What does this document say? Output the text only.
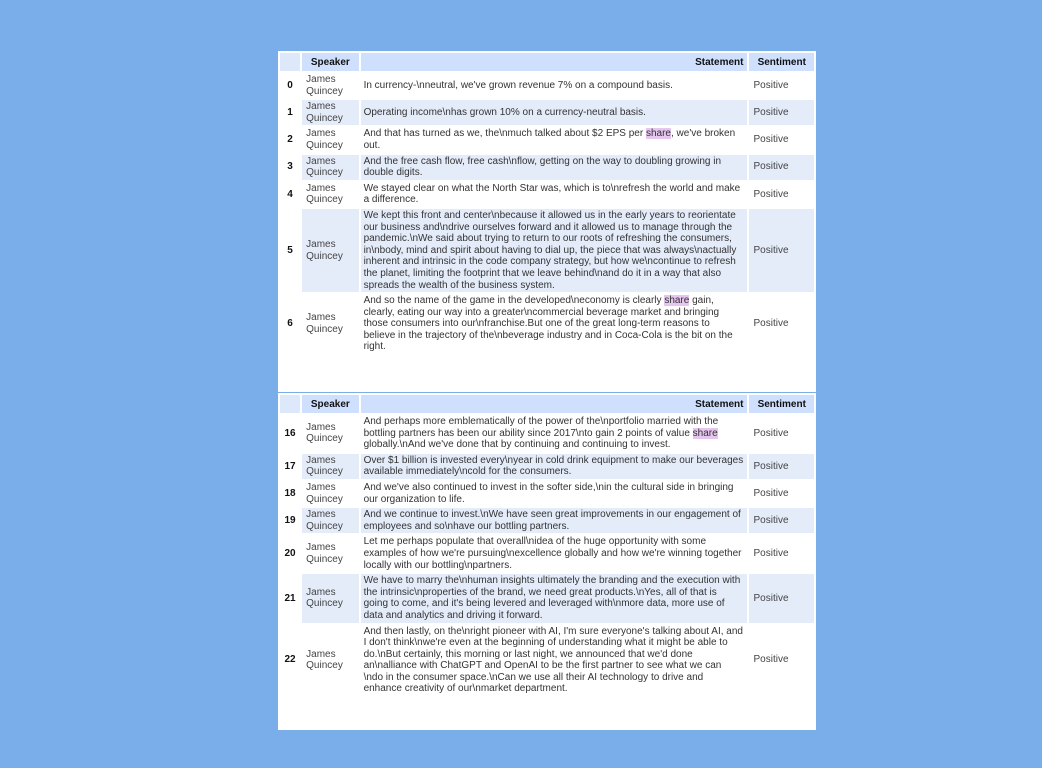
	Speaker	Statement	Sentiment
0	James Quincey	In currency-\nneutral, we've grown revenue 7% on a compound basis.	Positive
1	James Quincey	Operating income\nhas grown 10% on a currency-neutral basis.	Positive
2	James Quincey	And that has turned as we, the\nmuch talked about $2 EPS per share, we've broken out.	Positive
3	James Quincey	And the free cash flow, free cash\nflow, getting on the way to doubling growing in double digits.	Positive
4	James Quincey	We stayed clear on what the North Star was, which is to\nrefresh the world and make a difference.	Positive
5	James Quincey	We kept this front and center\nbecause it allowed us in the early years to reorientate our business and\ndrive ourselves forward and it allowed us to manage through the pandemic.\nWe said about trying to return to our roots of refreshing the consumers, in\nbody, mind and spirit about having to dial up, the piece that was always\nactually inherent and intrinsic in the code company strategy, but how we\ncontinue to refresh the planet, limiting the footprint that we leave behind\nand do it in a way that also spreads the wealth of the business system.	Positive
6	James Quincey	And so the name of the game in the developed\neconomy is clearly share gain, clearly, eating our way into a greater\ncommercial beverage market and bringing those consumers into our\nfranchise.But one of the great long-term reasons to believe in the trajectory of the\nbeverage industry and in Coca-Cola is the bit on the right.	Positive
	Speaker	Statement	Sentiment
16	James Quincey	And perhaps more emblematically of the power of the\nportfolio married with the bottling partners has been our ability since 2017\nto gain 2 points of value share globally.\nAnd we've done that by continuing and continuing to invest.	Positive
17	James Quincey	Over $1 billion is invested every\nyear in cold drink equipment to make our beverages available immediately\ncold for the consumers.	Positive
18	James Quincey	And we've also continued to invest in the softer side,\nin the cultural side in bringing our organization to life.	Positive
19	James Quincey	And we continue to invest.\nWe have seen great improvements in our engagement of employees and so\nhave our bottling partners.	Positive
20	James Quincey	Let me perhaps populate that overall\nidea of the huge opportunity with some examples of how we're pursuing\nexcellence globally and how we're winning together locally with our bottling\npartners.	Positive
21	James Quincey	We have to marry the\nhuman insights ultimately the branding and the execution with the intrinsic\nproperties of the brand, we need great products.\nYes, all of that is going to come, and it's being levered and leveraged with\nmore data, more use of data and analytics and driving it forward.	Positive
22	James Quincey	And then lastly, on the\nright pioneer with AI, I'm sure everyone's talking about AI, and I don't think\nwe're even at the beginning of understanding what it might be able to do.\nBut certainly, this morning or last night, we announced that we'd done an\nalliance with ChatGPT and OpenAI to be the first partner to see what we can \ndo in the consumer space.\nCan we use all their AI technology to drive and enhance creativity of our\nmarket department.	Positive
